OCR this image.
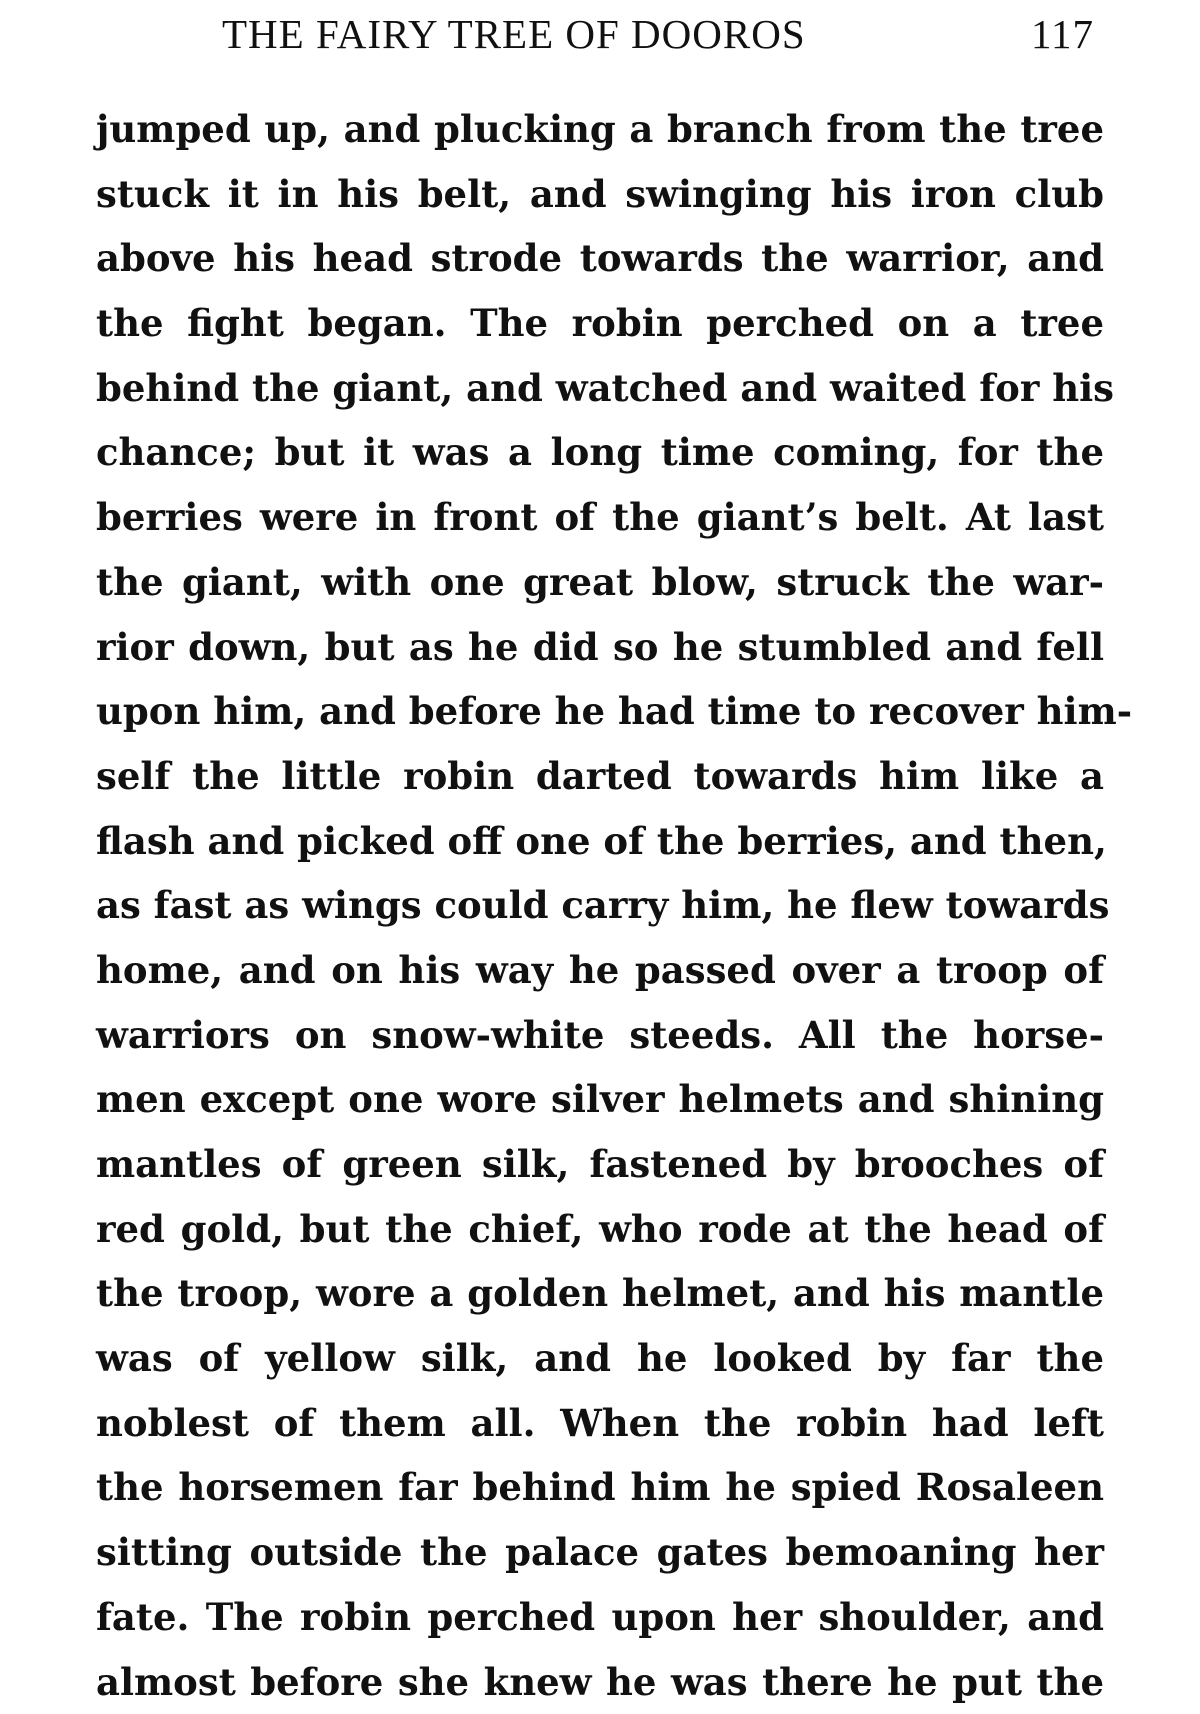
THE FAIRY TREE OF DOOROS	117
jumped up, and plucking a branch from the tree
stuck it in his belt, and swinging his iron club
above his head strode towards the warrior, and
the fight began. The robin perched on a tree
behind the giant, and watched and waited for his
chance; but it was a long time coming, for the
berries were in front of the giant’s belt. At last
the giant, with one great blow, struck the war-
rior down, but as he did so he stumbled and fell
upon him, and before he had time to recover him-
self the little robin darted towards him like a
flash and picked off one of the berries, and then,
as fast as wings could carry him, he flew towards
home, and on his way he passed over a troop of
warriors on snow-white steeds. All the horse-
men except one wore silver helmets and shining
mantles of green silk, fastened by brooches of
red gold, but the chief, who rode at the head of
the troop, wore a golden helmet, and his mantle
was of yellow silk, and he looked by far the
noblest of them all. When the robin had left
the horsemen far behind him he spied Rosaleen
sitting outside the palace gates bemoaning her
fate. The robin perched upon her shoulder, and
almost before she knew he was there he put the
